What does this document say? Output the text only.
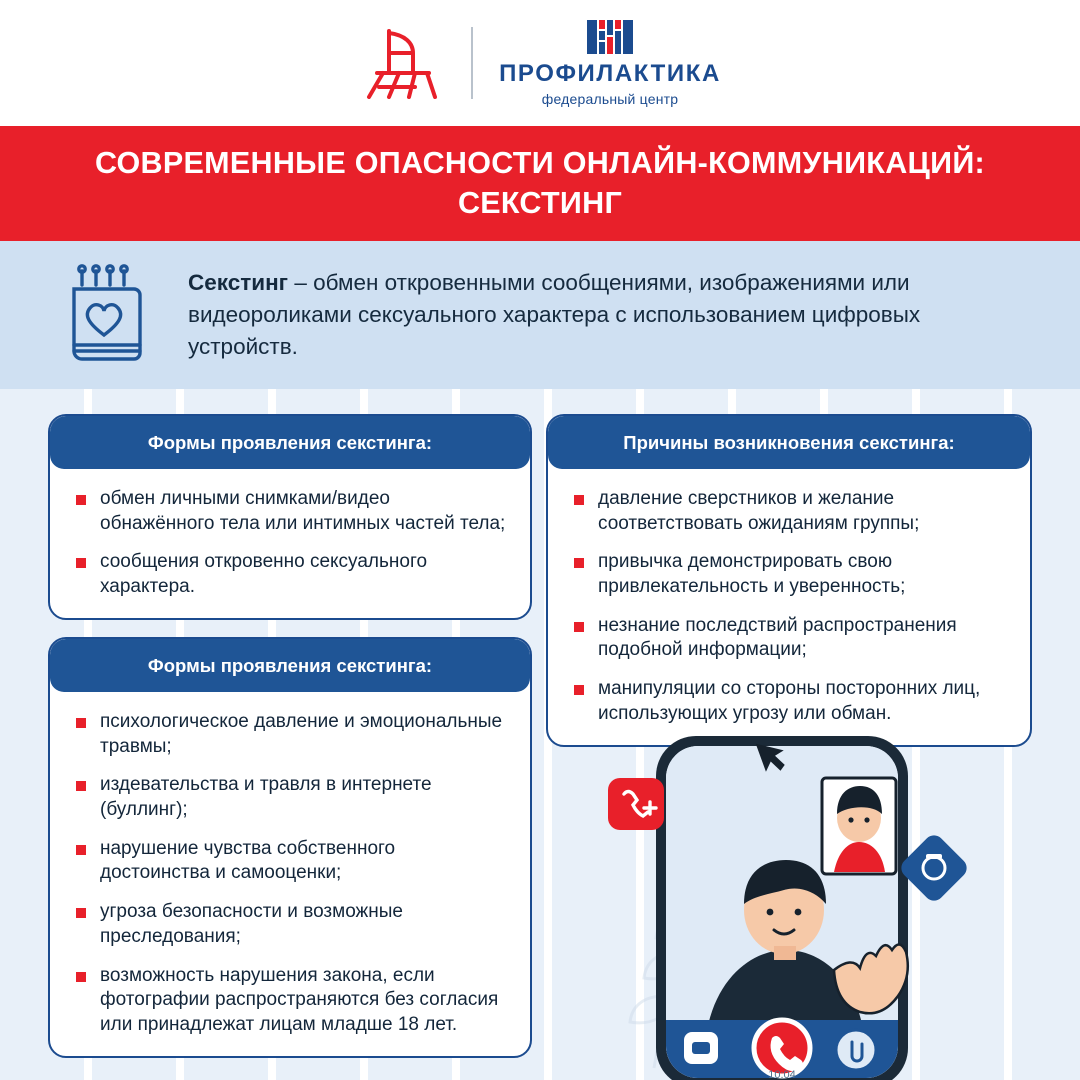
ПРОФИЛАКТИКА
федеральный центр
СОВРЕМЕННЫЕ ОПАСНОСТИ ОНЛАЙН-КОММУНИКАЦИЙ:
СЕКСТИНГ
Секстинг – обмен откровенными сообщениями, изображениями или видеороликами сексуального характера с использованием цифровых устройств.
Формы проявления секстинга:
обмен личными снимками/видео обнажённого тела или интимных частей тела;
сообщения откровенно сексуального характера.
Причины возникновения секстинга:
давление сверстников и желание соответствовать ожиданиям группы;
привычка демонстрировать свою привлекательность и уверенность;
незнание последствий распространения подобной информации;
манипуляции со стороны посторонних лиц, использующих угрозу или обман.
Формы проявления секстинга:
психологическое давление и эмоциональные травмы;
издевательства и травля в интернете (буллинг);
нарушение чувства собственного достоинства и самооценки;
угроза безопасности и возможные преследования;
возможность нарушения закона, если фотографии распространяются без согласия или принадлежат лицам младше 18 лет.
10:04
